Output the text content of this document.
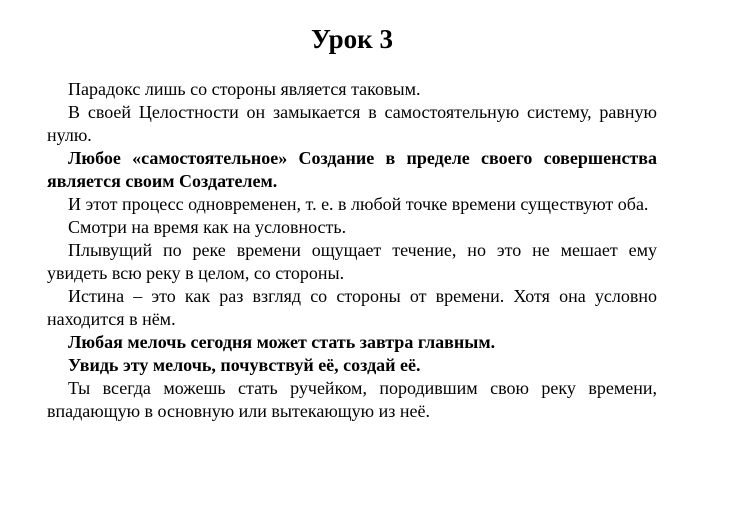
Урок 3

Парадокс лишь со стороны является таковым.

В своей Целостности он замыкается в самостоятельную систему, равную нулю.

Любое «самостоятельное» Создание в пределе своего совершенства является своим Создателем.

И этот процесс одновременен, т. е. в любой точке времени существуют оба.

Смотри на время как на условность.

Плывущий по реке времени ощущает течение, но это не мешает ему увидеть всю реку в целом, со стороны.

Истина – это как раз взгляд со стороны от времени. Хотя она условно находится в нём.

Любая мелочь сегодня может стать завтра главным.

Увидь эту мелочь, почувствуй её, создай её.

Ты всегда можешь стать ручейком, породившим свою реку времени, впадающую в основную или вытекающую из неё.
